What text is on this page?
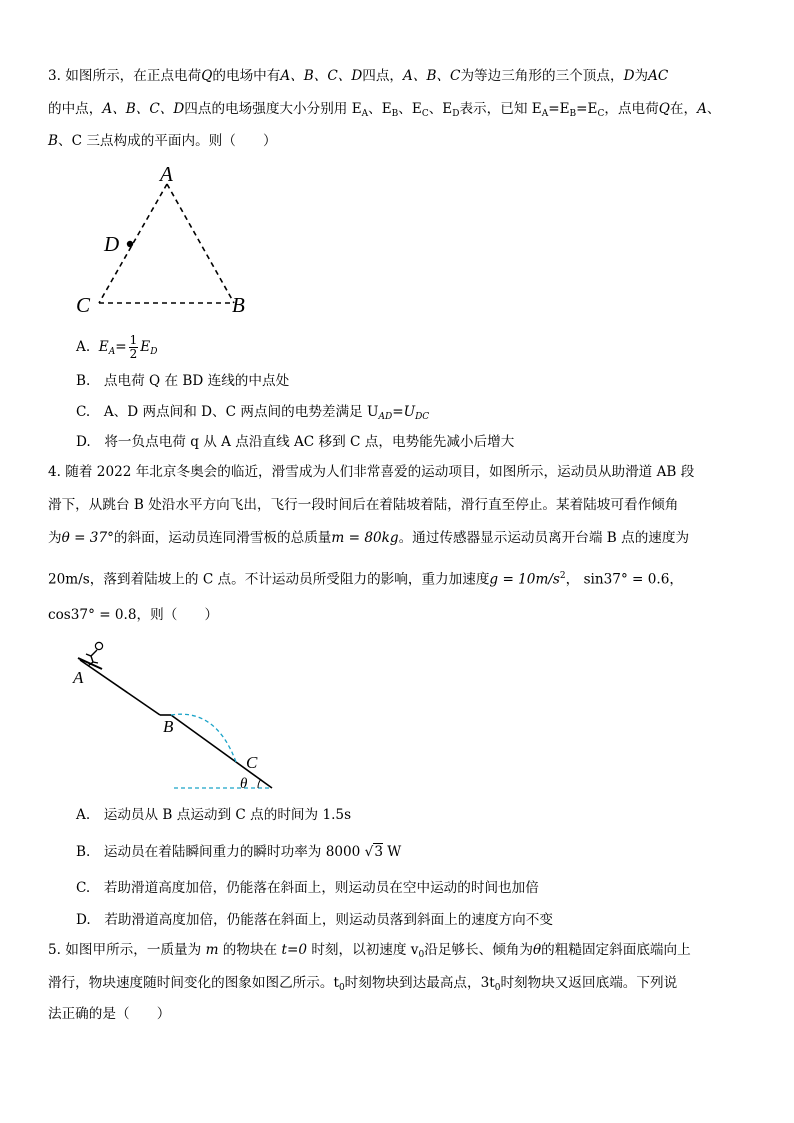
3. 如图所示，在正点电荷Q的电场中有A、B、C、D四点，A、B、C为等边三角形的三个顶点，D为AC
的中点，A、B、C、D四点的电场强度大小分别用 $E_A$、$E_B$、$E_C$、$E_D$表示，已知 $E_A=E_B=E_C$，点电荷Q在，A、
B、C 三点构成的平面内。则（　　）
A
D
C	B
A. $E_A= \frac{1}{2} E_D$
B.　点电荷 Q 在 BD 连线的中点处
C.　A、D 两点间和 D、C 两点间的电势差满足 $U_{AD}=U_{DC}$
D.　将一负点电荷 q 从 A 点沿直线 AC 移到 C 点，电势能先减小后增大
4. 随着 2022 年北京冬奥会的临近，滑雪成为人们非常喜爱的运动项目，如图所示，运动员从助滑道 AB 段
滑下，从跳台 B 处沿水平方向飞出，飞行一段时间后在着陆坡着陆，滑行直至停止。某着陆坡可看作倾角
为θ = 37°的斜面，运动员连同滑雪板的总质量m = 80kg。通过传感器显示运动员离开台端 B 点的速度为
20m/s，落到着陆坡上的 C 点。不计运动员所受阻力的影响，重力加速度$g = 10m/s^2$， sin37° = 0.6，
cos37° = 0.8，则（　　）
A
B
C
θ
A.　运动员从 B 点运动到 C 点的时间为 1.5s
B.　运动员在着陆瞬间重力的瞬时功率为 8000 √3 W
C.　若助滑道高度加倍，仍能落在斜面上，则运动员在空中运动的时间也加倍
D.　若助滑道高度加倍，仍能落在斜面上，则运动员落到斜面上的速度方向不变
5. 如图甲所示，一质量为 m 的物块在 t=0 时刻，以初速度 $v_0$沿足够长、倾角为θ的粗糙固定斜面底端向上
滑行，物块速度随时间变化的图象如图乙所示。$t_0$时刻物块到达最高点，$3t_0$时刻物块又返回底端。下列说
法正确的是（　　）
